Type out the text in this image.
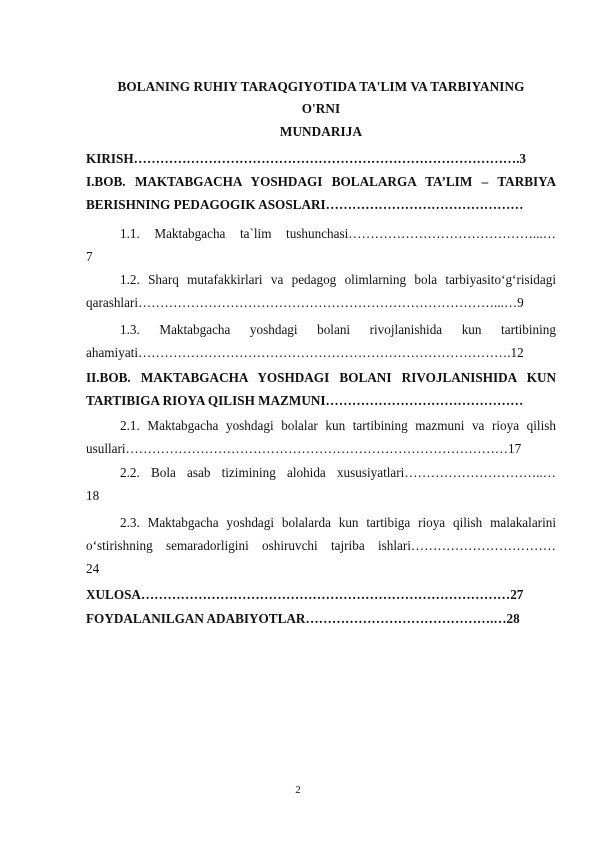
BOLANING RUHIY TARAQGIYOTIDA TA'LIM VA TARBIYANING
O'RNI
MUNDARIJA
KIRISH…………………………………………………………………………….3
I.BOB. MAKTABGACHA YOSHDAGI BOLALARGA TA’LIM – TARBIYA
BERISHNING PEDAGOGIK ASOSLARI………………………………………
1.1. Maktabgacha ta`lim tushunchasi……………………………………...…
7
1.2. Sharq mutafakkirlari va pedagog olimlarning bola tarbiyasito‘g‘risidagi
qarashlari………………………………………………………………………...…9
1.3. Maktabgacha yoshdagi bolani rivojlanishida kun tartibining
ahamiyati………………………………………………………………………….12
II.BOB. MAKTABGACHA YOSHDAGI BOLANI RIVOJLANISHIDA KUN
TARTIBIGA RIOYA QILISH MAZMUNI………………………………………
2.1. Maktabgacha yoshdagi bolalar kun tartibining mazmuni va rioya qilish
usullari……………………………………………………………………………17
2.2. Bola asab tizimining alohida xususiyatlari…………………………..…
18
2.3. Maktabgacha yoshdagi bolalarda kun tartibiga rioya qilish malakalarini
o‘stirishning semaradorligini oshiruvchi tajriba ishlari……………………………
24
XULOSA…………………………………………………………………………27
FOYDALANILGAN ADABIYOTLAR…………………………………….…28
2
